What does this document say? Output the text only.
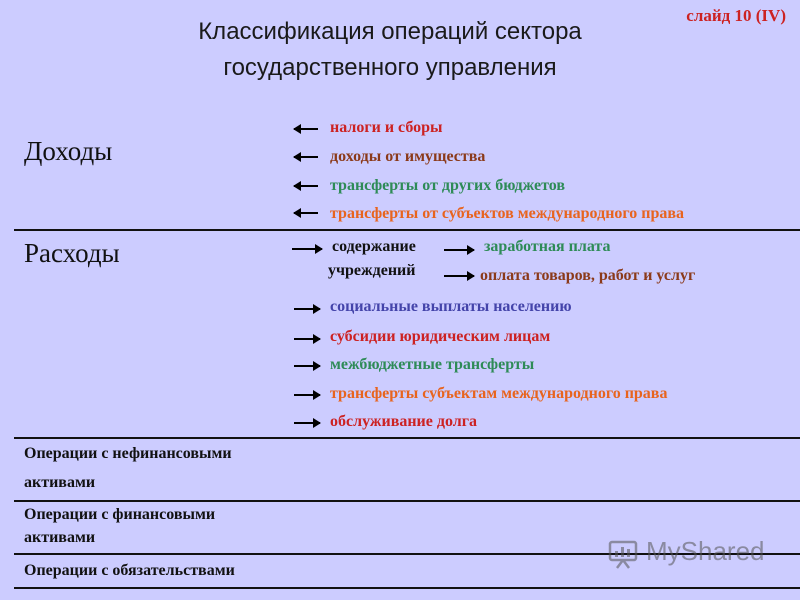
слайд 10 (IV)
Классификация операций сектора
государственного управления
Доходы
налоги и сборы
доходы от имущества
трансферты от других бюджетов
трансферты от субъектов международного права
Расходы	содержание
учреждений
заработная плата
оплата товаров, работ и услуг
социальные выплаты населению
субсидии юридическим лицам
межбюджетные трансферты
трансферты субъектам международного права
обслуживание долга
Операции с нефинансовыми
активами
Операции с финансовыми
активами
Операции с обязательствами
MyShared
